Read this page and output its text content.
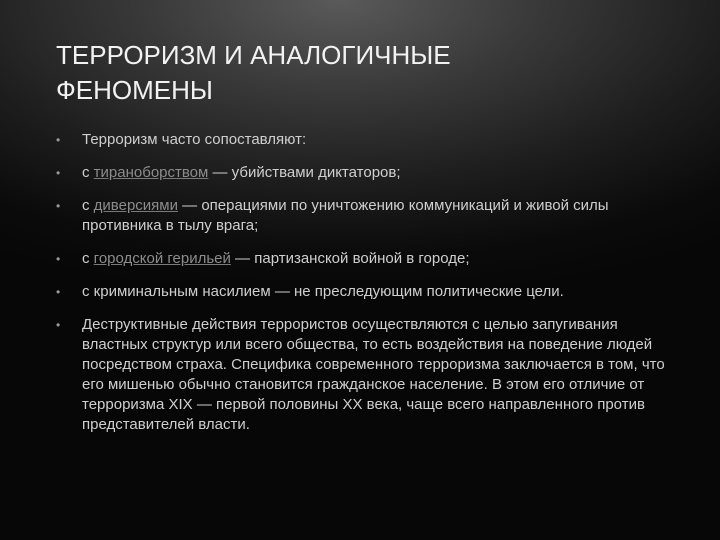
ТЕРРОРИЗМ И АНАЛОГИЧНЫЕ
ФЕНОМЕНЫ
• Терроризм часто сопоставляют:
• с тираноборством — убийствами диктаторов;
• с диверсиями — операциями по уничтожению коммуникаций и живой силы противника в тылу врага;
• с городской герильей — партизанской войной в городе;
• с криминальным насилием — не преследующим политические цели.
• Деструктивные действия террористов осуществляются с целью запугивания властных структур или всего общества, то есть воздействия на поведение людей посредством страха. Специфика современного терроризма заключается в том, что его мишенью обычно становится гражданское население. В этом его отличие от терроризма XIX — первой половины XX века, чаще всего направленного против представителей власти.
